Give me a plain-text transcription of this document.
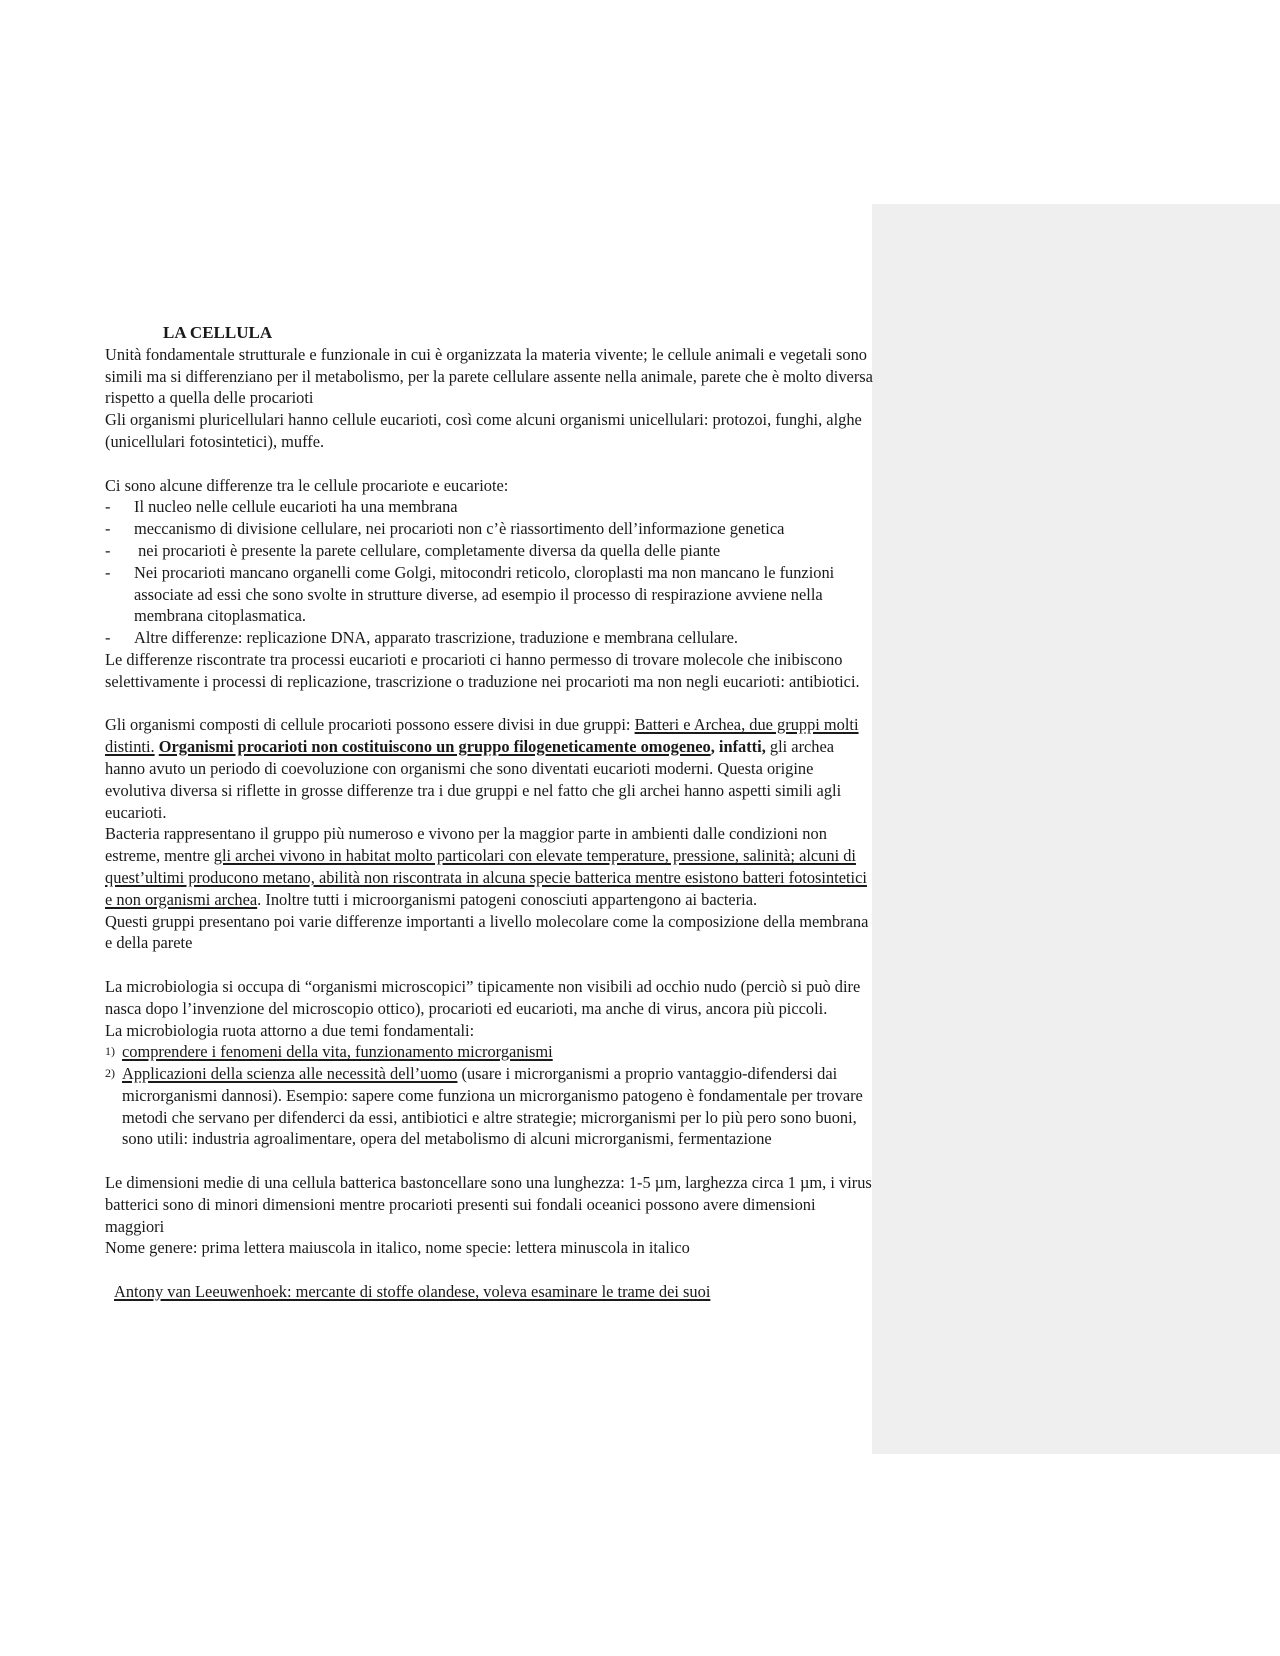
LA CELLULA
Unità fondamentale strutturale e funzionale in cui è organizzata la materia vivente; le cellule animali e vegetali sono simili ma si differenziano per il metabolismo, per la parete cellulare assente nella animale, parete che è molto diversa rispetto a quella delle procarioti
Gli organismi pluricellulari hanno cellule eucarioti, così come alcuni organismi unicellulari: protozoi, funghi, alghe (unicellulari fotosintetici), muffe.
Ci sono alcune differenze tra le cellule procariote e eucariote:
- Il nucleo nelle cellule eucarioti ha una membrana
- meccanismo di divisione cellulare, nei procarioti non c’è riassortimento dell’informazione genetica
- nei procarioti è presente la parete cellulare, completamente diversa da quella delle piante
- Nei procarioti mancano organelli come Golgi, mitocondri reticolo, cloroplasti ma non mancano le funzioni associate ad essi che sono svolte in strutture diverse, ad esempio il processo di respirazione avviene nella membrana citoplasmatica.
- Altre differenze: replicazione DNA, apparato trascrizione, traduzione e membrana cellulare.
Le differenze riscontrate tra processi eucarioti e procarioti ci hanno permesso di trovare molecole che inibiscono selettivamente i processi di replicazione, trascrizione o traduzione nei procarioti ma non negli eucarioti: antibiotici.
Gli organismi composti di cellule procarioti possono essere divisi in due gruppi: Batteri e Archea, due gruppi molti distinti. Organismi procarioti non costituiscono un gruppo filogeneticamente omogeneo, infatti, gli archea hanno avuto un periodo di coevoluzione con organismi che sono diventati eucarioti moderni. Questa origine evolutiva diversa si riflette in grosse differenze tra i due gruppi e nel fatto che gli archei hanno aspetti simili agli eucarioti.
Bacteria rappresentano il gruppo più numeroso e vivono per la maggior parte in ambienti dalle condizioni non estreme, mentre gli archei vivono in habitat molto particolari con elevate temperature, pressione, salinità; alcuni di quest’ultimi producono metano, abilità non riscontrata in alcuna specie batterica mentre esistono batteri fotosintetici e non organismi archea. Inoltre tutti i microorganismi patogeni conosciuti appartengono ai bacteria.
Questi gruppi presentano poi varie differenze importanti a livello molecolare come la composizione della membrana e della parete
La microbiologia si occupa di “organismi microscopici” tipicamente non visibili ad occhio nudo (perciò si può dire nasca dopo l’invenzione del microscopio ottico), procarioti ed eucarioti, ma anche di virus, ancora più piccoli.
La microbiologia ruota attorno a due temi fondamentali:
1) comprendere i fenomeni della vita, funzionamento microrganismi
2) Applicazioni della scienza alle necessità dell’uomo (usare i microrganismi a proprio vantaggio-difendersi dai microrganismi dannosi). Esempio: sapere come funziona un microrganismo patogeno è fondamentale per trovare metodi che servano per difenderci da essi, antibiotici e altre strategie; microrganismi per lo più pero sono buoni, sono utili: industria agroalimentare, opera del metabolismo di alcuni microrganismi, fermentazione
Le dimensioni medie di una cellula batterica bastoncellare sono una lunghezza: 1-5 µm, larghezza circa 1 µm, i virus batterici sono di minori dimensioni mentre procarioti presenti sui fondali oceanici possono avere dimensioni maggiori
Nome genere: prima lettera maiuscola in italico, nome specie: lettera minuscola in italico
Antony van Leeuwenhoek: mercante di stoffe olandese, voleva esaminare le trame dei suoi
